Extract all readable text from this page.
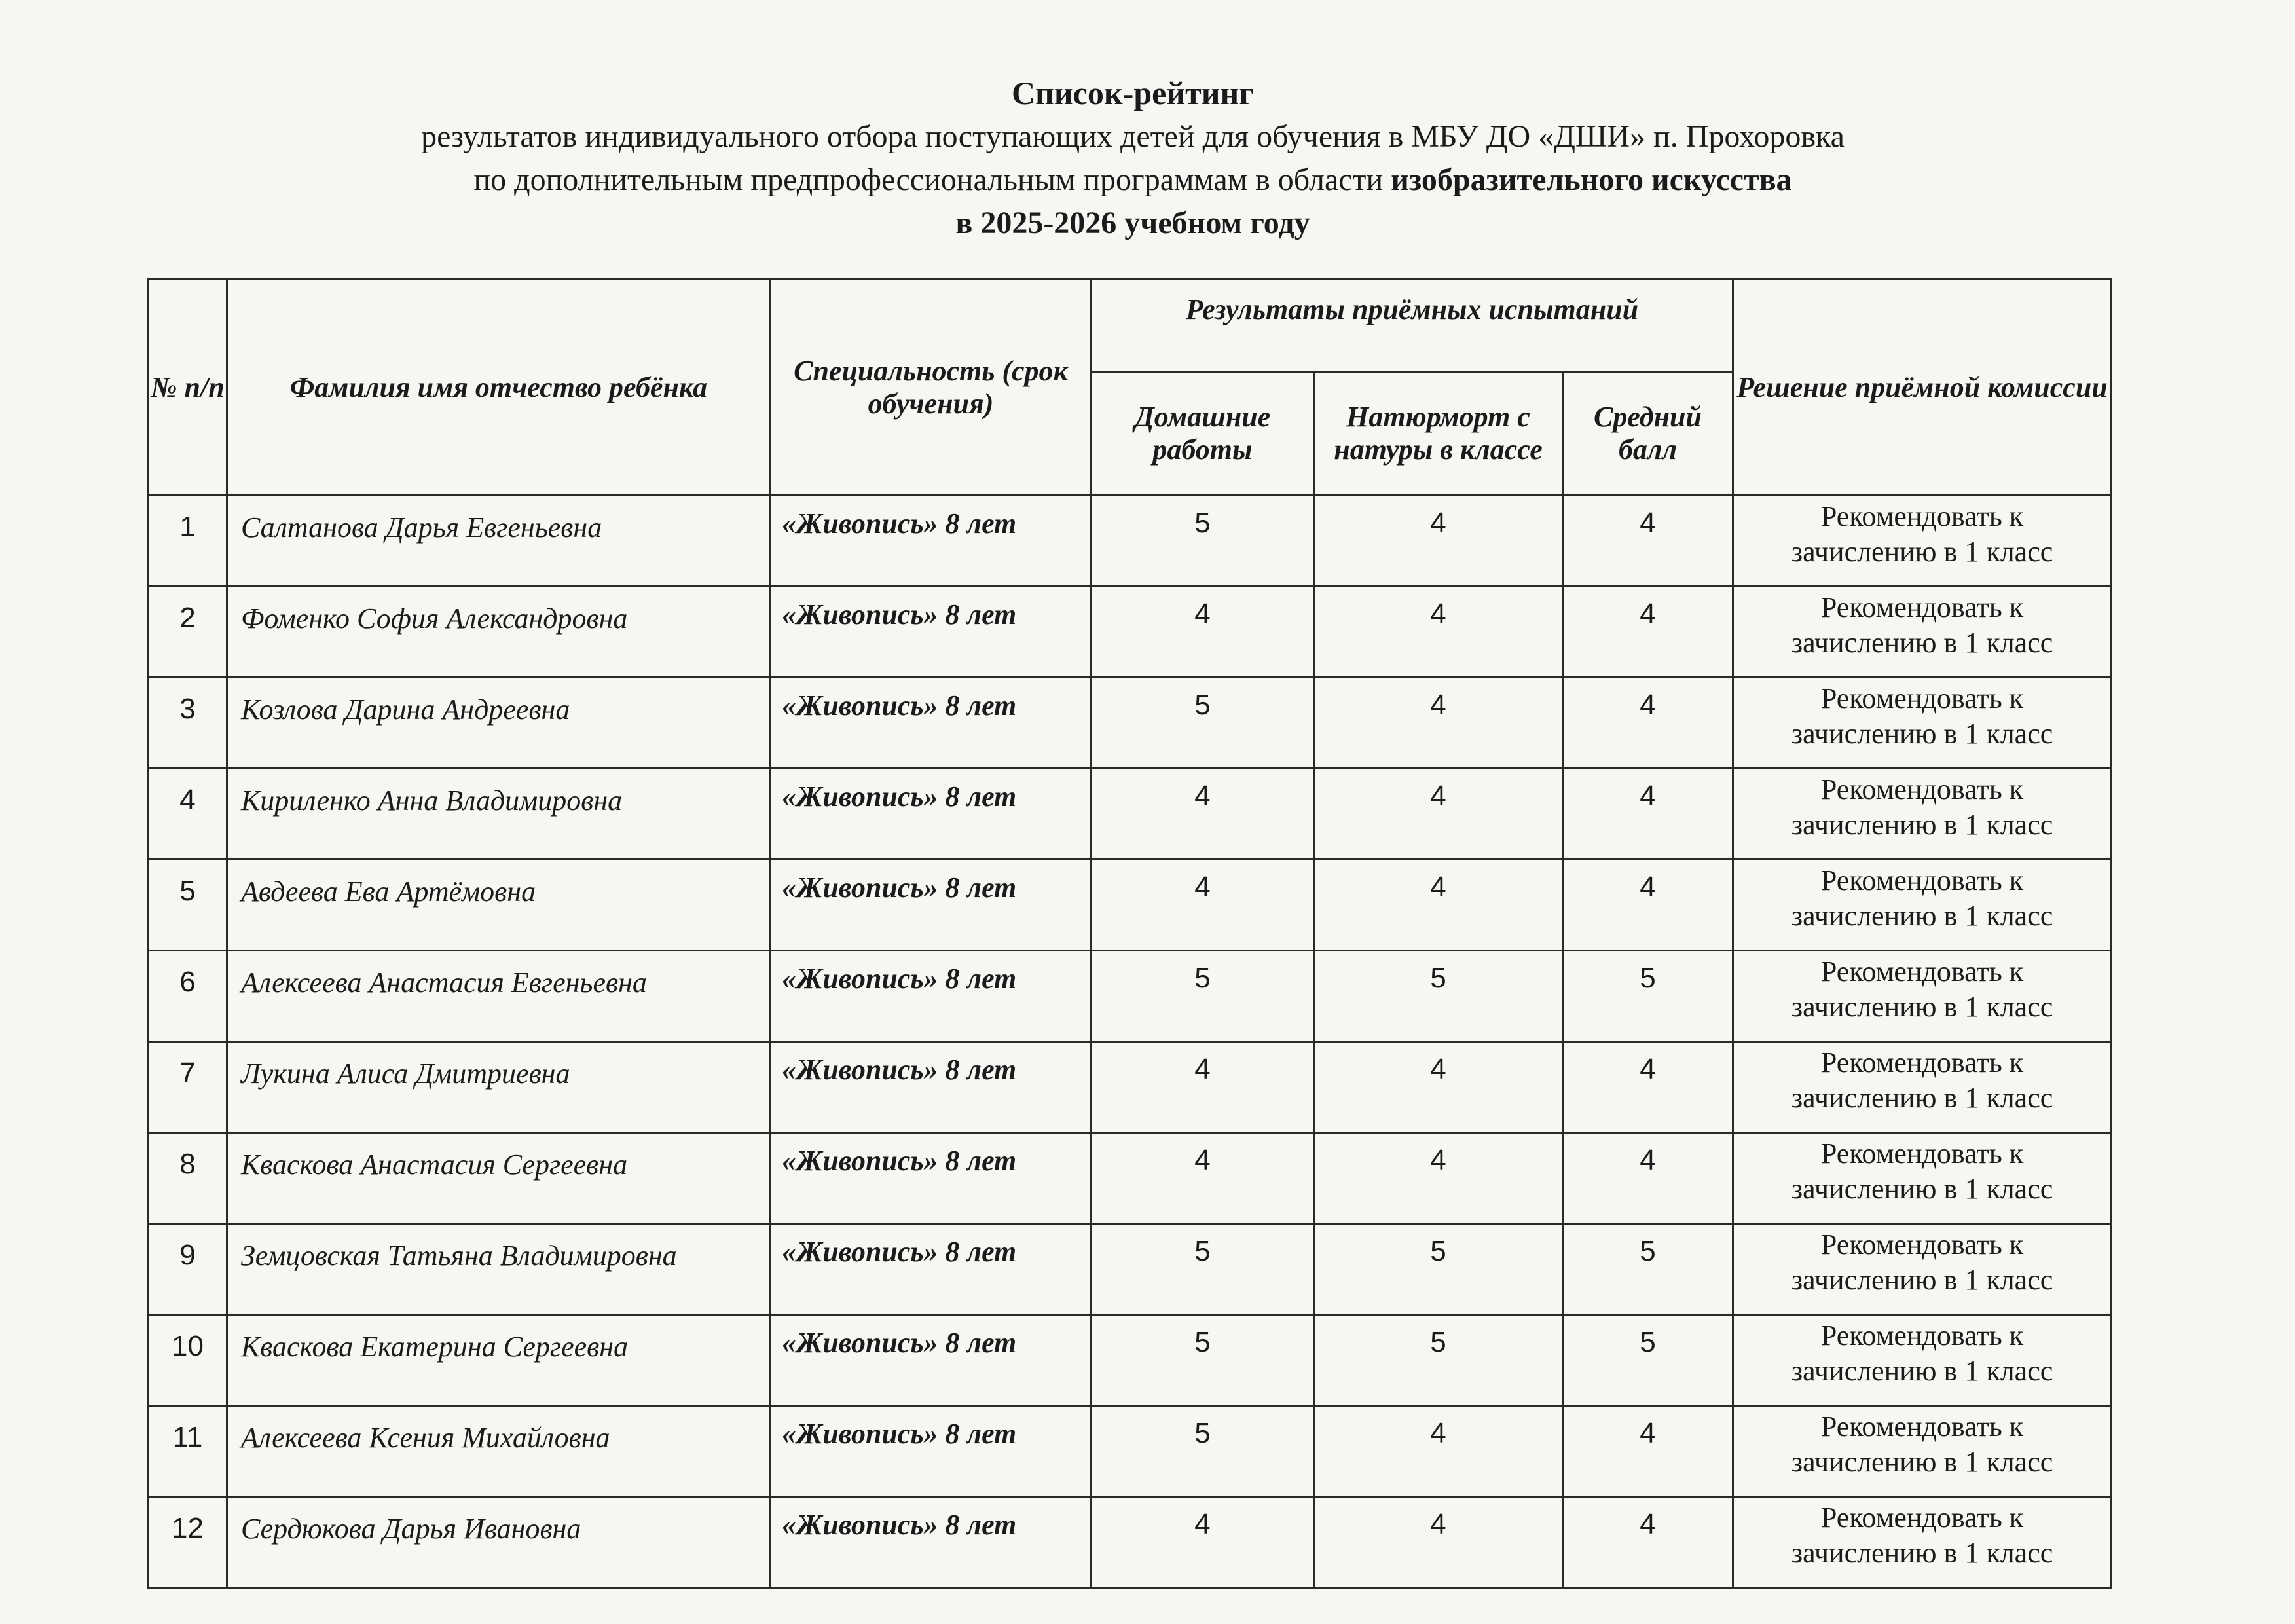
Список-рейтинг
результатов индивидуального отбора поступающих детей для обучения в МБУ ДО «ДШИ» п. Прохоровка
по дополнительным предпрофессиональным программам в области изобразительного искусства
в 2025-2026 учебном году
№ п/п	Фамилия имя отчество ребёнка	Специальность (срок обучения)	Результаты приёмных испытаний			Решение приёмной комиссии
			Домашние работы	Натюрморт с натуры в классе	Средний балл	
1	Салтанова Дарья Евгеньевна	«Живопись» 8 лет	5	4	4	Рекомендовать к
зачислению в 1 класс

2	Фоменко София Александровна	«Живопись» 8 лет	4	4	4	Рекомендовать к
зачислению в 1 класс

3	Козлова Дарина Андреевна	«Живопись» 8 лет	5	4	4	Рекомендовать к
зачислению в 1 класс

4	Кириленко Анна Владимировна	«Живопись» 8 лет	4	4	4	Рекомендовать к
зачислению в 1 класс

5	Авдеева Ева Артёмовна	«Живопись» 8 лет	4	4	4	Рекомендовать к
зачислению в 1 класс

6	Алексеева Анастасия Евгеньевна	«Живопись» 8 лет	5	5	5	Рекомендовать к
зачислению в 1 класс

7	Лукина Алиса Дмитриевна	«Живопись» 8 лет	4	4	4	Рекомендовать к
зачислению в 1 класс

8	Кваскова Анастасия Сергеевна	«Живопись» 8 лет	4	4	4	Рекомендовать к
зачислению в 1 класс

9	Земцовская Татьяна Владимировна	«Живопись» 8 лет	5	5	5	Рекомендовать к
зачислению в 1 класс

10	Кваскова Екатерина Сергеевна	«Живопись» 8 лет	5	5	5	Рекомендовать к
зачислению в 1 класс

11	Алексеева Ксения Михайловна	«Живопись» 8 лет	5	4	4	Рекомендовать к
зачислению в 1 класс

12	Сердюкова Дарья Ивановна	«Живопись» 8 лет	4	4	4	Рекомендовать к
зачислению в 1 класс
